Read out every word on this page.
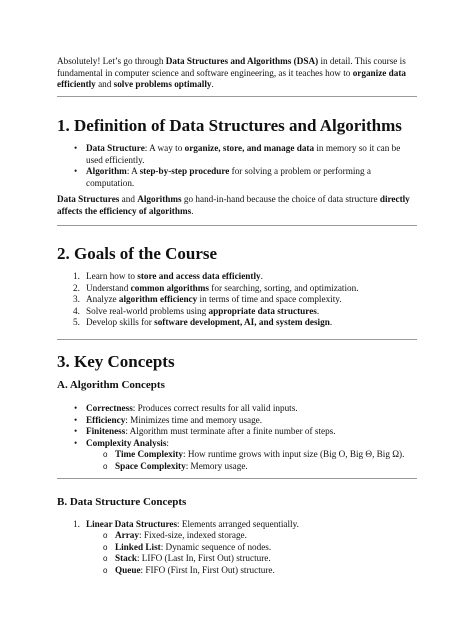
Absolutely! Let’s go through Data Structures and Algorithms (DSA) in detail. This course is fundamental in computer science and software engineering, as it teaches how to organize data efficiently and solve problems optimally.

1. Definition of Data Structures and Algorithms
• Data Structure: A way to organize, store, and manage data in memory so it can be used efficiently.
• Algorithm: A step-by-step procedure for solving a problem or performing a computation.

Data Structures and Algorithms go hand-in-hand because the choice of data structure directly affects the efficiency of algorithms.

2. Goals of the Course
1. Learn how to store and access data efficiently.
2. Understand common algorithms for searching, sorting, and optimization.
3. Analyze algorithm efficiency in terms of time and space complexity.
4. Solve real-world problems using appropriate data structures.
5. Develop skills for software development, AI, and system design.
3. Key Concepts
A. Algorithm Concepts
• Correctness: Produces correct results for all valid inputs.
• Efficiency: Minimizes time and memory usage.
• Finiteness: Algorithm must terminate after a finite number of steps.
• Complexity Analysis:
o Time Complexity: How runtime grows with input size (Big O, Big Θ, Big Ω).
o Space Complexity: Memory usage.
B. Data Structure Concepts
1. Linear Data Structures: Elements arranged sequentially.
o Array: Fixed-size, indexed storage.
o Linked List: Dynamic sequence of nodes.
o Stack: LIFO (Last In, First Out) structure.
o Queue: FIFO (First In, First Out) structure.
